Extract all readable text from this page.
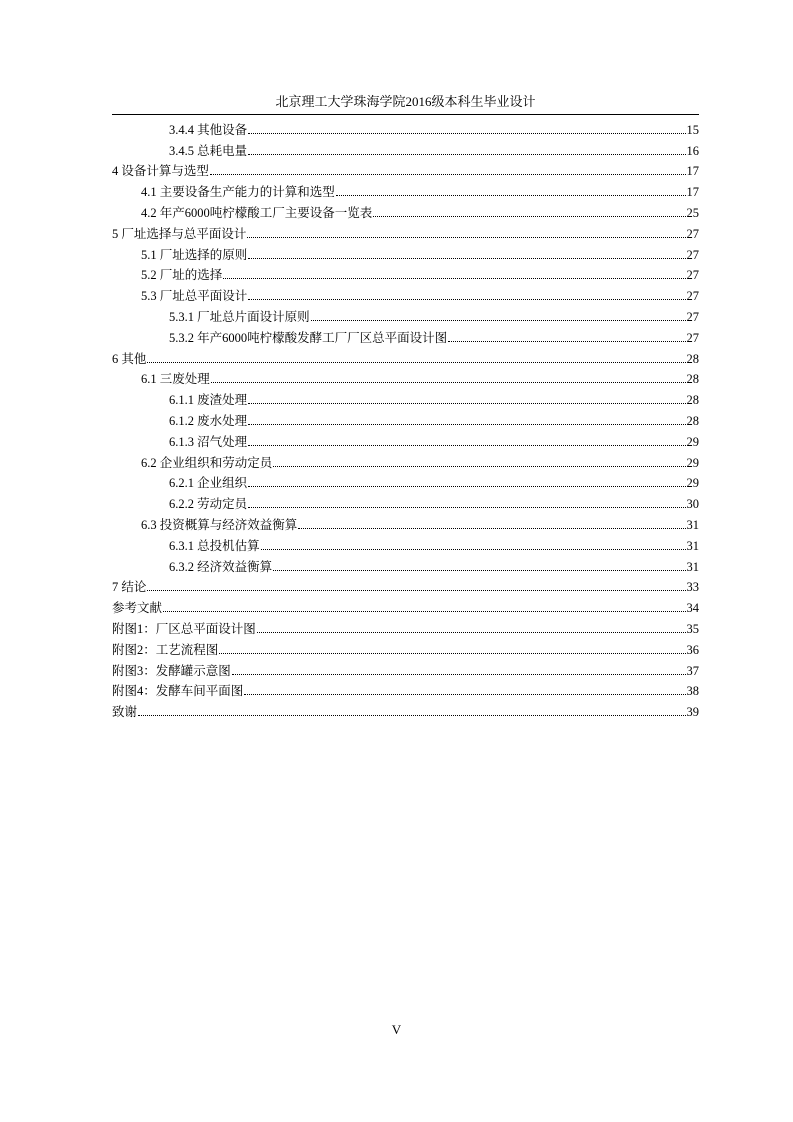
北京理工大学珠海学院2016级本科生毕业设计
3.4.4 其他设备	15
3.4.5 总耗电量	16
4 设备计算与选型	17
4.1 主要设备生产能力的计算和选型	17
4.2 年产6000吨柠檬酸工厂主要设备一览表	25
5 厂址选择与总平面设计	27
5.1 厂址选择的原则	27
5.2 厂址的选择	27
5.3 厂址总平面设计	27
5.3.1 厂址总片面设计原则	27
5.3.2 年产6000吨柠檬酸发酵工厂厂区总平面设计图	27
6 其他	28
6.1 三废处理	28
6.1.1 废渣处理	28
6.1.2 废水处理	28
6.1.3 沼气处理	29
6.2 企业组织和劳动定员	29
6.2.1 企业组织	29
6.2.2 劳动定员	30
6.3 投资概算与经济效益衡算	31
6.3.1 总投机估算	31
6.3.2 经济效益衡算	31
7 结论	33
参考文献	34
附图1：厂区总平面设计图	35
附图2：工艺流程图	36
附图3：发酵罐示意图	37
附图4：发酵车间平面图	38
致谢	39
V
